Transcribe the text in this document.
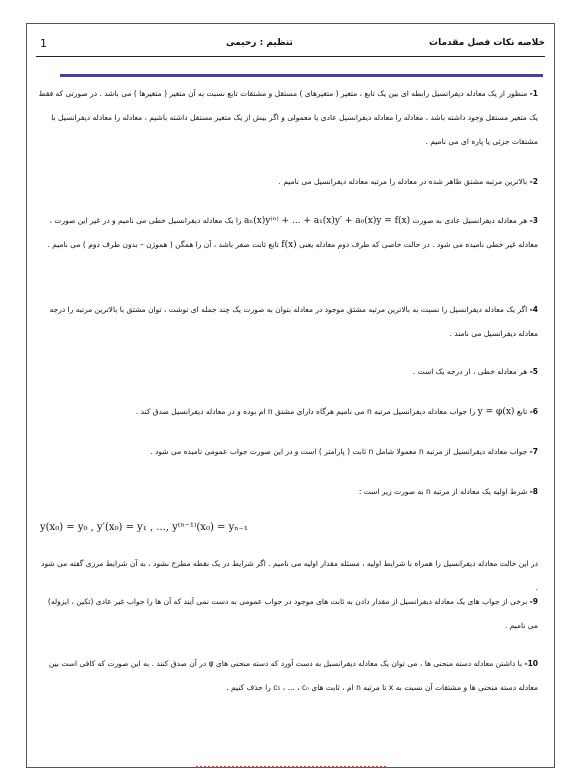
خلاصه نکات فصل مقدمات
تنظیم : رحیمی
1
1- منظور از یک معادله دیفرانسیل رابطه ای بین یک تابع ، متغیر ( متغیرهای ) مستقل و مشتقات تابع نسبت به آن متغیر ( متغیرها ) می باشد . در صورتی که فقط یک متغیر مستقل وجود داشته باشد ، معادله را معادله دیفرانسیل عادی یا معمولی و اگر بیش از یک متغیر مستقل داشته باشیم ، معادله را معادله دیفرانسیل با مشتقات جزئی یا پاره ای می نامیم .
2- بالاترین مرتبه مشتق ظاهر شده در معادله را مرتبه معادله دیفرانسیل می نامیم .
3- هر معادله دیفرانسیل عادی به صورت aₙ(x)y⁽ⁿ⁾ + ... + a₁(x)y′ + a₀(x)y = f(x) را یک معادله دیفرانسیل خطی می نامیم و در غیر این صورت ، معادله غیر خطی نامیده می شود . در حالت خاصی که طرف دوم معادله یعنی f(x) تابع ثابت صفر باشد ، آن را همگن ( هموژن – بدون طرف دوم ) می نامیم .
4- اگر یک معادله دیفرانسیل را نسبت به بالاترین مرتبه مشتق موجود در معادله بتوان به صورت یک چند جمله ای نوشت ، توان مشتق با بالاترین مرتبه را درجه معادله دیفرانسیل می نامند .
5- هر معادله خطی ، از درجه یک است .
6- تابع y = φ(x) را جواب معادله دیفرانسیل مرتبه n می نامیم هرگاه دارای مشتق n ام بوده و در معادله دیفرانسیل صدق کند .
7- جواب معادله دیفرانسیل از مرتبه n معمولا شامل n ثابت ( پارامتر ) است و در این صورت جواب عمومی نامیده می شود .
8- شرط اولیه یک معادله از مرتبه n به صورت زیر است :
y(x₀) = y₀ , y′(x₀) = y₁ , ..., y⁽ⁿ⁻¹⁾(x₀) = yₙ₋₁
در این حالت معادله دیفرانسیل را همراه با شرایط اولیه ، مسئله مقدار اولیه می نامیم . اگر شرایط در یک نقطه مطرح نشود ، به آن شرایط مرزی گفته می شود .
9- برخی از جواب های یک معادله دیفرانسیل از مقدار دادن به ثابت های موجود در جواب عمومی به دست نمی آیند که آن ها را جواب غیر عادی (تکین ، ایزوله) می نامیم .
10- با داشتن معادله دسته منحنی ها ، می توان یک معادله دیفرانسیل به دست آورد که دسته منحنی های φ در آن صدق کنند . به این صورت که کافی است بین معادله دسته منحنی ها و مشتقات آن نسبت به x تا مرتبه n ام ، ثابت های c₁ ، ... ، cₙ را حذف کنیم .
